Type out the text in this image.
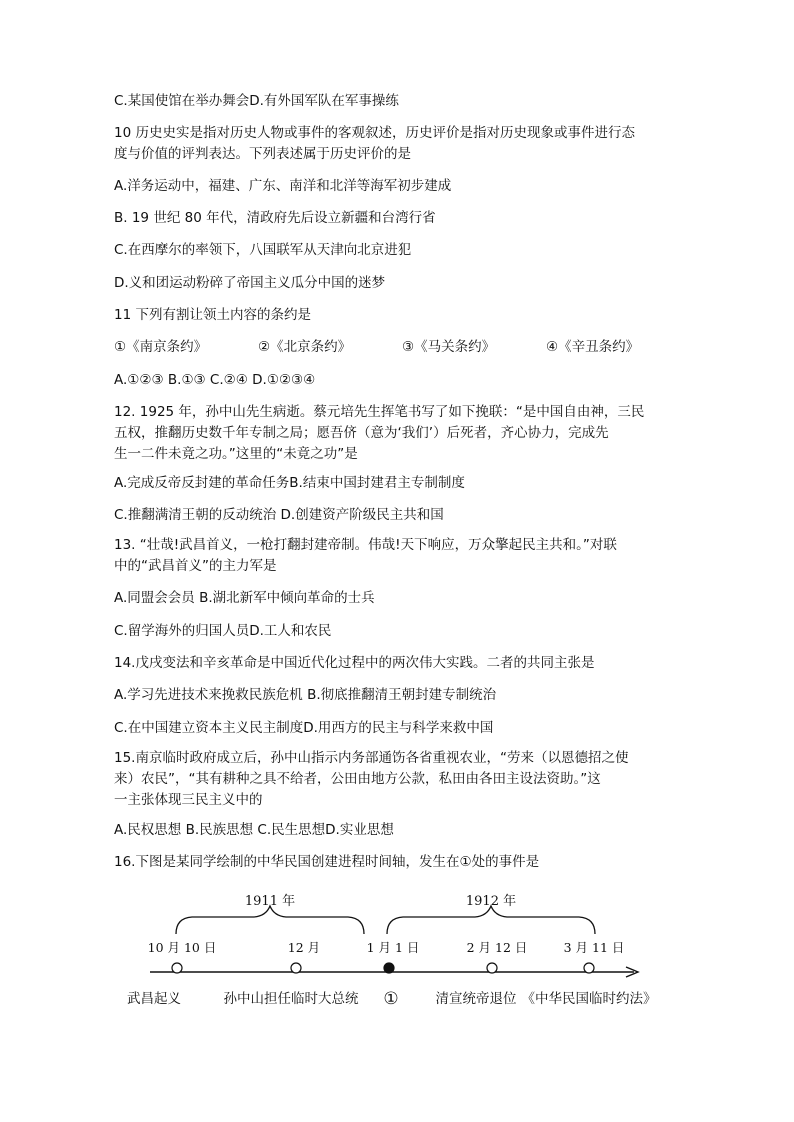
C.某国使馆在举办舞会D.有外国军队在军事操练
10 历史史实是指对历史人物或事件的客观叙述，历史评价是指对历史现象或事件进行态
度与价值的评判表达。下列表述属于历史评价的是
A.洋务运动中，福建、广东、南洋和北洋等海军初步建成
B. 19 世纪 80 年代，清政府先后设立新疆和台湾行省
C.在西摩尔的率领下，八国联军从天津向北京进犯
D.义和团运动粉碎了帝国主义瓜分中国的迷梦
11 下列有割让领土内容的条约是
①《南京条约》	②《北京条约》	③《马关条约》	④《辛丑条约》
A.①②③ B.①③ C.②④ D.①②③④
12. 1925 年，孙中山先生病逝。蔡元培先生挥笔书写了如下挽联：“是中国自由神，三民
五权，推翻历史数千年专制之局；愿吾侪（意为‘我们’）后死者，齐心协力，完成先
生一二件未竟之功。”这里的“未竟之功”是
A.完成反帝反封建的革命任务B.结束中国封建君主专制制度
C.推翻满清王朝的反动统治 D.创建资产阶级民主共和国
13. “壮哉!武昌首义，一枪打翻封建帝制。伟哉!天下响应，万众擎起民主共和。”对联
中的“武昌首义”的主力军是
A.同盟会会员 B.湖北新军中倾向革命的士兵
C.留学海外的归国人员D.工人和农民
14.戊戌变法和辛亥革命是中国近代化过程中的两次伟大实践。二者的共同主张是
A.学习先进技术来挽救民族危机 B.彻底推翻清王朝封建专制统治
C.在中国建立资本主义民主制度D.用西方的民主与科学来救中国
15.南京临时政府成立后，孙中山指示内务部通饬各省重视农业，“劳来（以恩德招之使
来）农民”，“其有耕种之具不给者，公田由地方公款，私田由各田主设法资助。”这
一主张体现三民主义中的
A.民权思想 B.民族思想 C.民生思想D.实业思想
16.下图是某同学绘制的中华民国创建进程时间轴，发生在①处的事件是
1911 年	1912 年
10 月 10 日	12 月	1 月 1 日	2 月 12 日	3 月 11 日
武昌起义	孙中山担任临时大总统 ①	清宣统帝退位 《中华民国临时约法》
